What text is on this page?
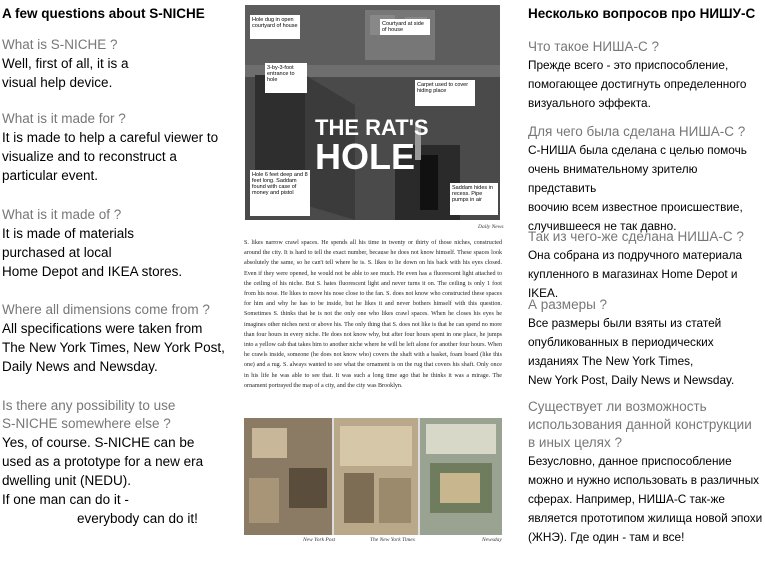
A few questions about S-NICHE
What is S-NICHE ?
Well, first of all, it is a
visual help device.
What is it made for ?
It is made to help a careful viewer to
visualize and to reconstruct a
particular event.
What is it made of ?
It is made of materials
purchased at local
Home Depot and IKEA stores.
Where all dimensions come from ?
All specifications were taken from
The New York Times, New York Post,
Daily News and Newsday.
Is there any possibility to use
S-NICHE somewhere else ?
Yes, of course. S-NICHE can be
used as a prototype for a new era
dwelling unit (NEDU).
If one man can do it -
everybody can do it!
Hole dug in open courtyard of house	Courtyard at side of house
Carpet used to cover hiding place
3-by-3-foot entrance to hole
Hole 6 feet deep and 8 feet long. Saddam found with case of money and pistol
Saddam hides in recess. Pipe pumps in air
THE RAT'S
HOLE
Daily News
S. likes narrow crawl spaces. He spends all his time in twenty or thirty of those niches, constructed around the city. It is hard to tell the exact number, because he does not know himself. These spaces look absolutely the same, so he can't tell where he is. S. likes to lie down on his back with his eyes closed. Even if they were opened, he would not be able to see much. He even has a fluorescent light attached to the ceiling of his niche. But S. hates fluorescent light and never turns it on. The ceiling is only 1 foot from his nose. He likes to move his nose close to the fan. S. does not know who constructed these spaces for him and why he has to be inside, but he likes it and never bothers himself with this question. Sometimes S. thinks that he is not the only one who likes crawl spaces. When he closes his eyes he imagines other niches next or above his. The only thing that S. does not like is that he can spend no more than four hours in every niche. He does not know why, but after four hours spent in one place, he jumps into a yellow cab that takes him to another niche where he will be left alone for another four hours. When he crawls inside, someone (he does not know who) covers the shaft with a basket, foam board (like this one) and a rug. S. always wanted to see what the ornament is on the rug that covers his shaft. Only once in his life he was able to see that. It was such a long time ago that he thinks it was a mirage. The ornament portrayed the map of a city, and the city was Brooklyn.
New York Post	The New York Times	Newsday
Несколько вопросов про НИШУ-С
Что такое НИША-С ?
Прежде всего - это приспособление,
помогающее достигнуть определенного
визуального эффекта.
Для чего была сделана НИША-С ?
С-НИША была сделана с целью помочь
очень внимательному зрителю представить
воочию всем известное происшествие,
случившееся не так давно.
Так из чего-же сделана НИША-С ?
Она собрана из подручного материала
купленного в магазинах Home Depot и IKEA.
А размеры ?
Все размеры были взяты из статей
опубликованных в периодических
изданиях The New York Times,
New York Post, Daily News и Newsday.
Существует ли возможность
использования данной конструкции
в иных целях ?
Безусловно, данное приспособление
можно и нужно использовать в различных
сферах. Например, НИША-С так-же
является прототипом жилища новой эпохи
(ЖНЭ). Где один - там и все!
